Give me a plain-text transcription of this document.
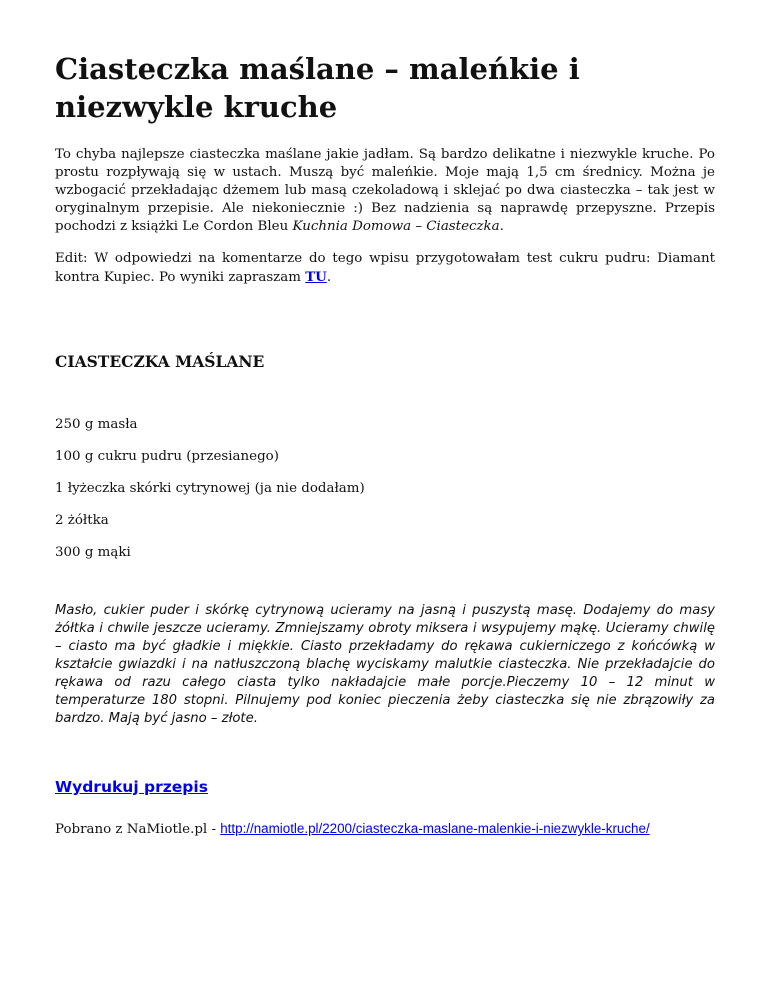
Ciasteczka maślane – maleńkie i niezwykle kruche

To chyba najlepsze ciasteczka maślane jakie jadłam. Są bardzo delikatne i niezwykle kruche. Po prostu rozpływają się w ustach. Muszą być maleńkie. Moje mają 1,5 cm średnicy. Można je wzbogacić przekładając dżemem lub masą czekoladową i sklejać po dwa ciasteczka – tak jest w oryginalnym przepisie. Ale niekoniecznie :) Bez nadzienia są naprawdę przepyszne. Przepis pochodzi z książki Le Cordon Bleu Kuchnia Domowa – Ciasteczka.

Edit: W odpowiedzi na komentarze do tego wpisu przygotowałam test cukru pudru: Diamant kontra Kupiec. Po wyniki zapraszam TU.

CIASTECZKA MAŚLANE

250 g masła

100 g cukru pudru (przesianego)

1 łyżeczka skórki cytrynowej (ja nie dodałam)

2 żółtka

300 g mąki

Masło, cukier puder i skórkę cytrynową ucieramy na jasną i puszystą masę. Dodajemy do masy żółtka i chwile jeszcze ucieramy. Zmniejszamy obroty miksera i wsypujemy mąkę. Ucieramy chwilę – ciasto ma być gładkie i miękkie. Ciasto przekładamy do rękawa cukierniczego z końcówką w kształcie gwiazdki i na natłuszczoną blachę wyciskamy malutkie ciasteczka. Nie przekładajcie do rękawa od razu całego ciasta tylko nakładajcie małe porcje.Pieczemy 10 – 12 minut w temperaturze 180 stopni. Pilnujemy pod koniec pieczenia żeby ciasteczka się nie zbrązowiły za bardzo. Mają być jasno – złote.

Wydrukuj przepis

Pobrano z NaMiotle.pl - http://namiotle.pl/2200/ciasteczka-maslane-malenkie-i-niezwykle-kruche/
